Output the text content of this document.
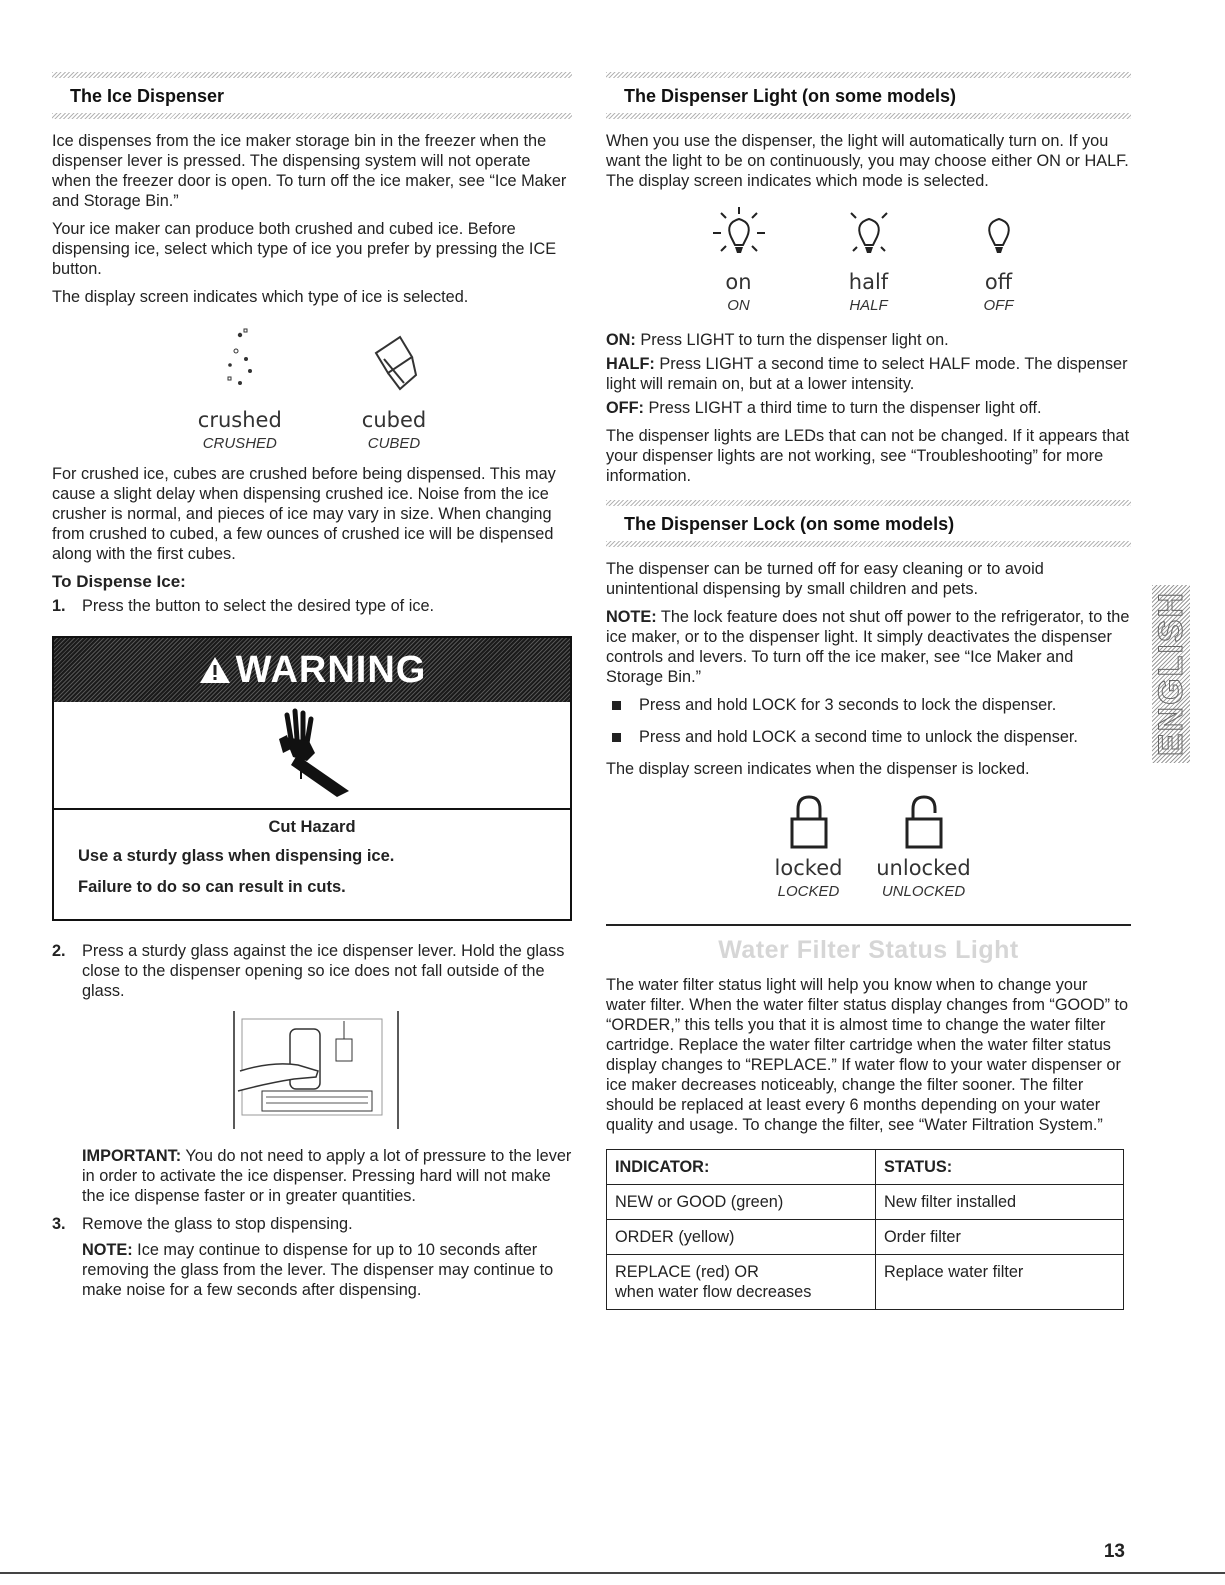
The Ice Dispenser

Ice dispenses from the ice maker storage bin in the freezer when the dispenser lever is pressed. The dispensing system will not operate when the freezer door is open. To turn off the ice maker, see “Ice Maker and Storage Bin.”

Your ice maker can produce both crushed and cubed ice. Before dispensing ice, select which type of ice you prefer by pressing the ICE button.

The display screen indicates which type of ice is selected.

crushed
CRUSHED
cubed
CUBED

For crushed ice, cubes are crushed before being dispensed. This may cause a slight delay when dispensing crushed ice. Noise from the ice crusher is normal, and pieces of ice may vary in size. When changing from crushed to cubed, a few ounces of crushed ice will be dispensed along with the first cubes.

To Dispense Ice:
1.	Press the button to select the desired type of ice.
WARNING
Cut Hazard
Use a sturdy glass when dispensing ice.
Failure to do so can result in cuts.
2.	Press a sturdy glass against the ice dispenser lever. Hold the glass close to the dispenser opening so ice does not fall outside of the glass.

IMPORTANT: You do not need to apply a lot of pressure to the lever in order to activate the ice dispenser. Pressing hard will not make the ice dispense faster or in greater quantities.

3.	Remove the glass to stop dispensing.

NOTE: Ice may continue to dispense for up to 10 seconds after removing the glass from the lever. The dispenser may continue to make noise for a few seconds after dispensing.

The Dispenser Light (on some models)

When you use the dispenser, the light will automatically turn on. If you want the light to be on continuously, you may choose either ON or HALF. The display screen indicates which mode is selected.

on
ON
half
HALF
off
OFF

ON: Press LIGHT to turn the dispenser light on.

HALF: Press LIGHT a second time to select HALF mode. The dispenser light will remain on, but at a lower intensity.

OFF: Press LIGHT a third time to turn the dispenser light off.

The dispenser lights are LEDs that can not be changed. If it appears that your dispenser lights are not working, see “Troubleshooting” for more information.

The Dispenser Lock (on some models)

The dispenser can be turned off for easy cleaning or to avoid unintentional dispensing by small children and pets.

NOTE: The lock feature does not shut off power to the refrigerator, to the ice maker, or to the dispenser light. It simply deactivates the dispenser controls and levers. To turn off the ice maker, see “Ice Maker and Storage Bin.”

Press and hold LOCK for 3 seconds to lock the dispenser.
Press and hold LOCK a second time to unlock the dispenser.

The display screen indicates when the dispenser is locked.

locked
LOCKED
unlocked
UNLOCKED
Water Filter Status Light

The water filter status light will help you know when to change your water filter. When the water filter status display changes from “GOOD” to “ORDER,” this tells you that it is almost time to change the water filter cartridge. Replace the water filter cartridge when the water filter status display changes to “REPLACE.” If water flow to your water dispenser or ice maker decreases noticeably, change the filter sooner. The filter should be replaced at least every 6 months depending on your water quality and usage. To change the filter, see “Water Filtration System.”

INDICATOR:	STATUS:
NEW or GOOD (green)	New filter installed
ORDER (yellow)	Order filter

REPLACE (red) OR
when water flow decreases	Replace water filter
ENGLISH
13
